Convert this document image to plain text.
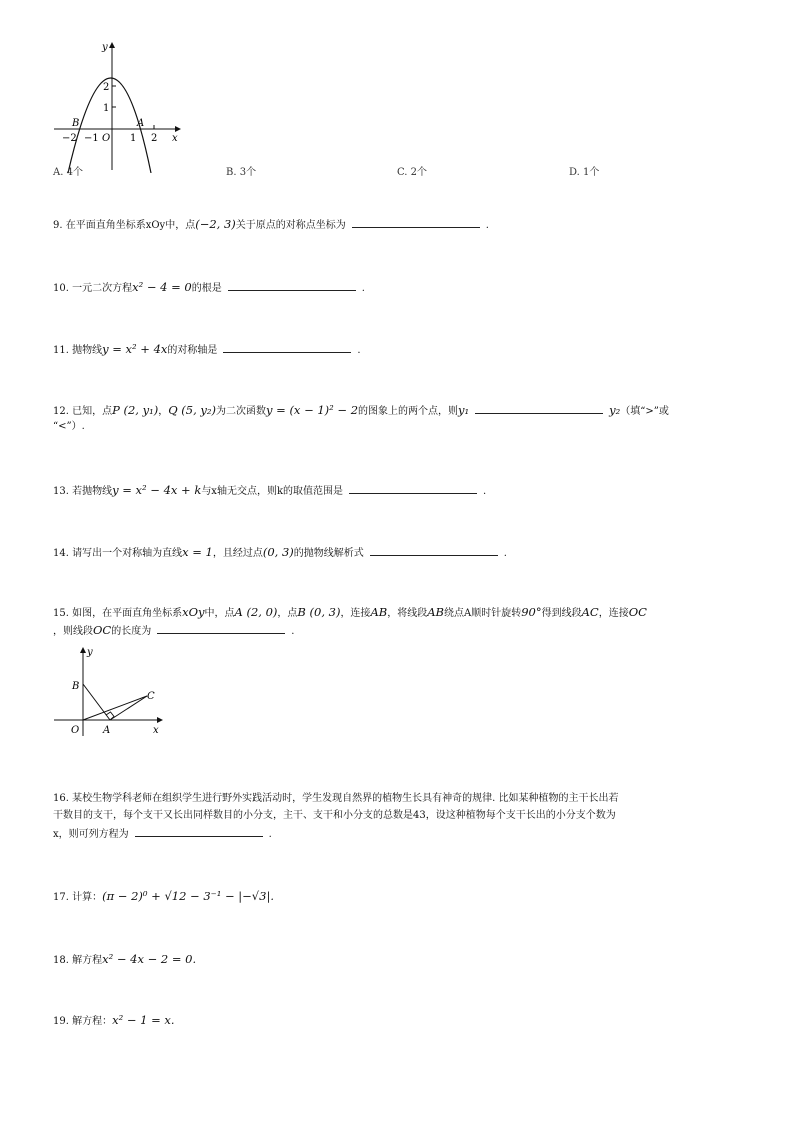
y
x
O
2
1
−2 −1	1 2
B	A
A. 4个	B. 3个	C. 2个	D. 1个
9. 在平面直角坐标系xOy中，点(−2, 3)关于原点的对称点坐标为	.
10. 一元二次方程x² − 4 = 0的根是	.
11. 抛物线y = x² + 4x的对称轴是	.
12. 已知，点P (2, y₁)，Q (5, y₂)为二次函数y = (x − 1)² − 2的图象上的两个点，则y₁	y₂（填“>”或
“<”）.
13. 若抛物线y = x² − 4x + k与x轴无交点，则k的取值范围是	.
14. 请写出一个对称轴为直线x = 1，且经过点(0, 3)的抛物线解析式	.
15. 如图，在平面直角坐标系xOy中，点A (2, 0)，点B (0, 3)，连接AB，将线段AB绕点A顺时针旋转90°得到线段AC，连接OC
，则线段OC的长度为	.
y
x
O
B
A
C
16. 某校生物学科老师在组织学生进行野外实践活动时，学生发现自然界的植物生长具有神奇的规律. 比如某种植物的主干长出若
干数目的支干，每个支干又长出同样数目的小分支，主干、支干和小分支的总数是43，设这种植物每个支干长出的小分支个数为
x，则可列方程为	.
17. 计算：(π − 2)⁰ + √12 − 3⁻¹ − |−√3|.
18. 解方程x² − 4x − 2 = 0.
19. 解方程：x² − 1 = x.
